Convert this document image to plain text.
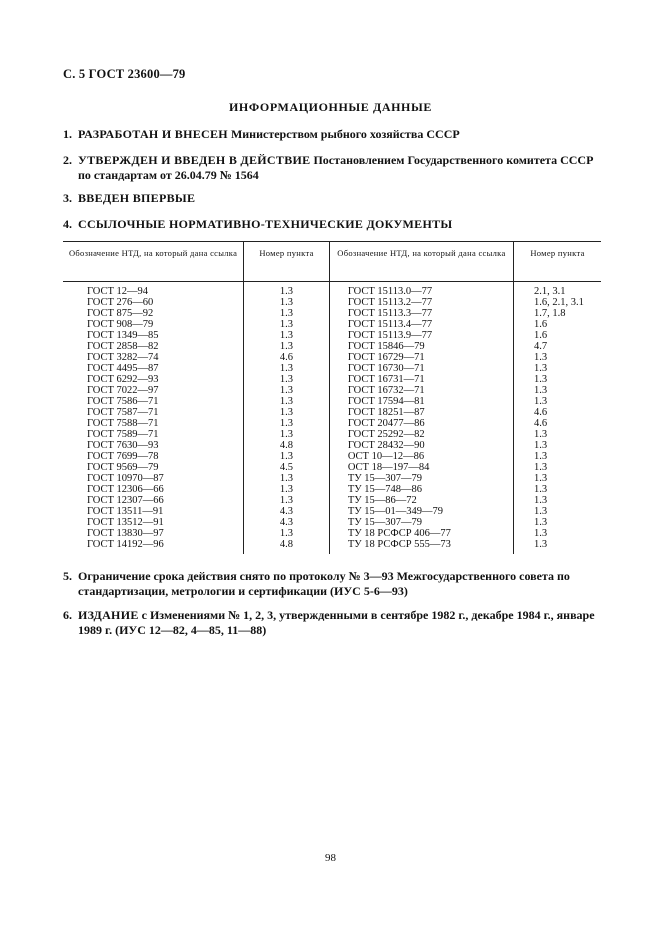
С. 5 ГОСТ 23600—79
ИНФОРМАЦИОННЫЕ ДАННЫЕ
1. РАЗРАБОТАН И ВНЕСЕН Министерством рыбного хозяйства СССР
2. УТВЕРЖДЕН И ВВЕДЕН В ДЕЙСТВИЕ Постановлением Государственного комитета СССР по стандартам от 26.04.79 № 1564
3. ВВЕДЕН ВПЕРВЫЕ
4. ССЫЛОЧНЫЕ НОРМАТИВНО-ТЕХНИЧЕСКИЕ ДОКУМЕНТЫ
Обозначение НТД, на который дана ссылка	Номер пункта	Обозначение НТД, на который дана ссылка	Номер пункта
ГОСТ 12—94	1.3	ГОСТ 15113.0—77	2.1, 3.1
ГОСТ 276—60	1.3	ГОСТ 15113.2—77	1.6, 2.1, 3.1
ГОСТ 875—92	1.3	ГОСТ 15113.3—77	1.7, 1.8
ГОСТ 908—79	1.3	ГОСТ 15113.4—77	1.6
ГОСТ 1349—85	1.3	ГОСТ 15113.9—77	1.6
ГОСТ 2858—82	1.3	ГОСТ 15846—79	4.7
ГОСТ 3282—74	4.6	ГОСТ 16729—71	1.3
ГОСТ 4495—87	1.3	ГОСТ 16730—71	1.3
ГОСТ 6292—93	1.3	ГОСТ 16731—71	1.3
ГОСТ 7022—97	1.3	ГОСТ 16732—71	1.3
ГОСТ 7586—71	1.3	ГОСТ 17594—81	1.3
ГОСТ 7587—71	1.3	ГОСТ 18251—87	4.6
ГОСТ 7588—71	1.3	ГОСТ 20477—86	4.6
ГОСТ 7589—71	1.3	ГОСТ 25292—82	1.3
ГОСТ 7630—93	4.8	ГОСТ 28432—90	1.3
ГОСТ 7699—78	1.3	ОСТ 10—12—86	1.3
ГОСТ 9569—79	4.5	ОСТ 18—197—84	1.3
ГОСТ 10970—87	1.3	ТУ 15—307—79	1.3
ГОСТ 12306—66	1.3	ТУ 15—748—86	1.3
ГОСТ 12307—66	1.3	ТУ 15—86—72	1.3
ГОСТ 13511—91	4.3	ТУ 15—01—349—79	1.3
ГОСТ 13512—91	4.3	ТУ 15—307—79	1.3
ГОСТ 13830—97	1.3	ТУ 18 РСФСР 406—77	1.3
ГОСТ 14192—96	4.8	ТУ 18 РСФСР 555—73	1.3
5. Ограничение срока действия снято по протоколу № 3—93 Межгосударственного совета по стандартизации, метрологии и сертификации (ИУС 5-6—93)
6. ИЗДАНИЕ с Изменениями № 1, 2, 3, утвержденными в сентябре 1982 г., декабре 1984 г., январе 1989 г. (ИУС 12—82, 4—85, 11—88)
98
